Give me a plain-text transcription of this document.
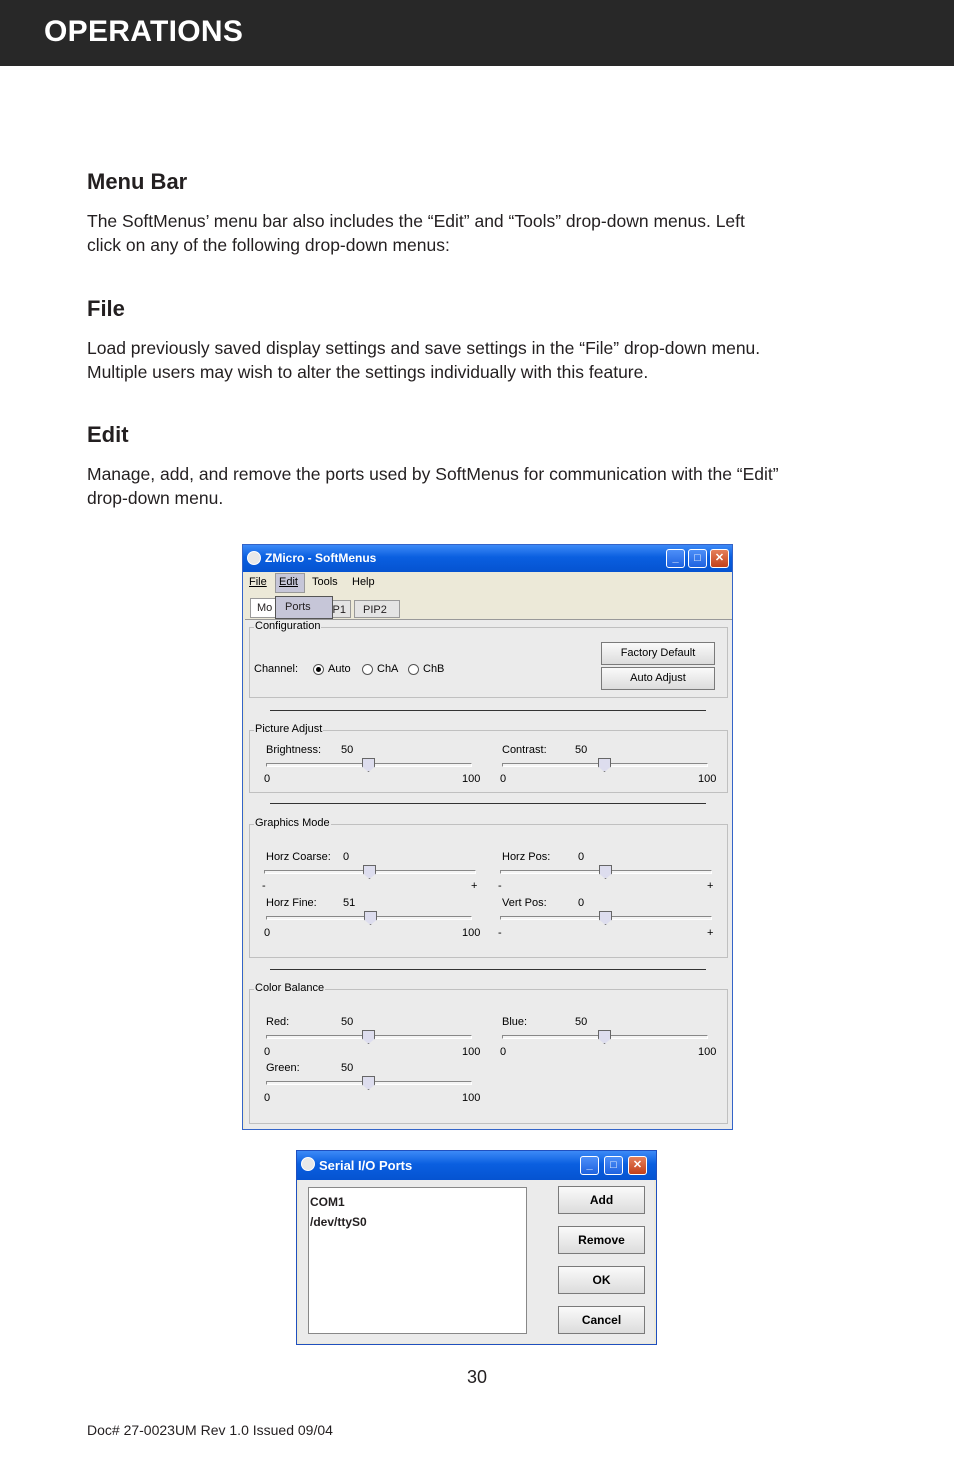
OPERATIONS
Menu Bar
The SoftMenus’ menu bar also includes the “Edit” and “Tools” drop-down menus. Left
click on any of the following drop-down menus:
File
Load previously saved display settings and save settings in the “File” drop-down menu.
Multiple users may wish to alter the settings individually with this feature.
Edit
Manage, add, and remove the ports used by SoftMenus for communication with the “Edit”
drop-down menu.
ZMicro - SoftMenus	_	□	✕
File Edit Tools Help
Mo	P1	PIP2
Ports
Configuration
Channel:	Auto ChA ChB
Factory Default
Auto Adjust
Picture Adjust
Brightness: 50
0	100
Contrast:	50
0	100
Graphics Mode
Horz Coarse: 0
-	+
Horz Pos:	0
-	+
Horz Fine: 51
0	100
Vert Pos:	0
-	+
Color Balance
Red:	50
0	100
Blue:	50
0	100
Green:	50
0	100
Serial I/O Ports	_	□	✕
COM1
/dev/ttyS0
Add
Remove
OK
Cancel
30
Doc# 27-0023UM Rev 1.0 Issued 09/04
